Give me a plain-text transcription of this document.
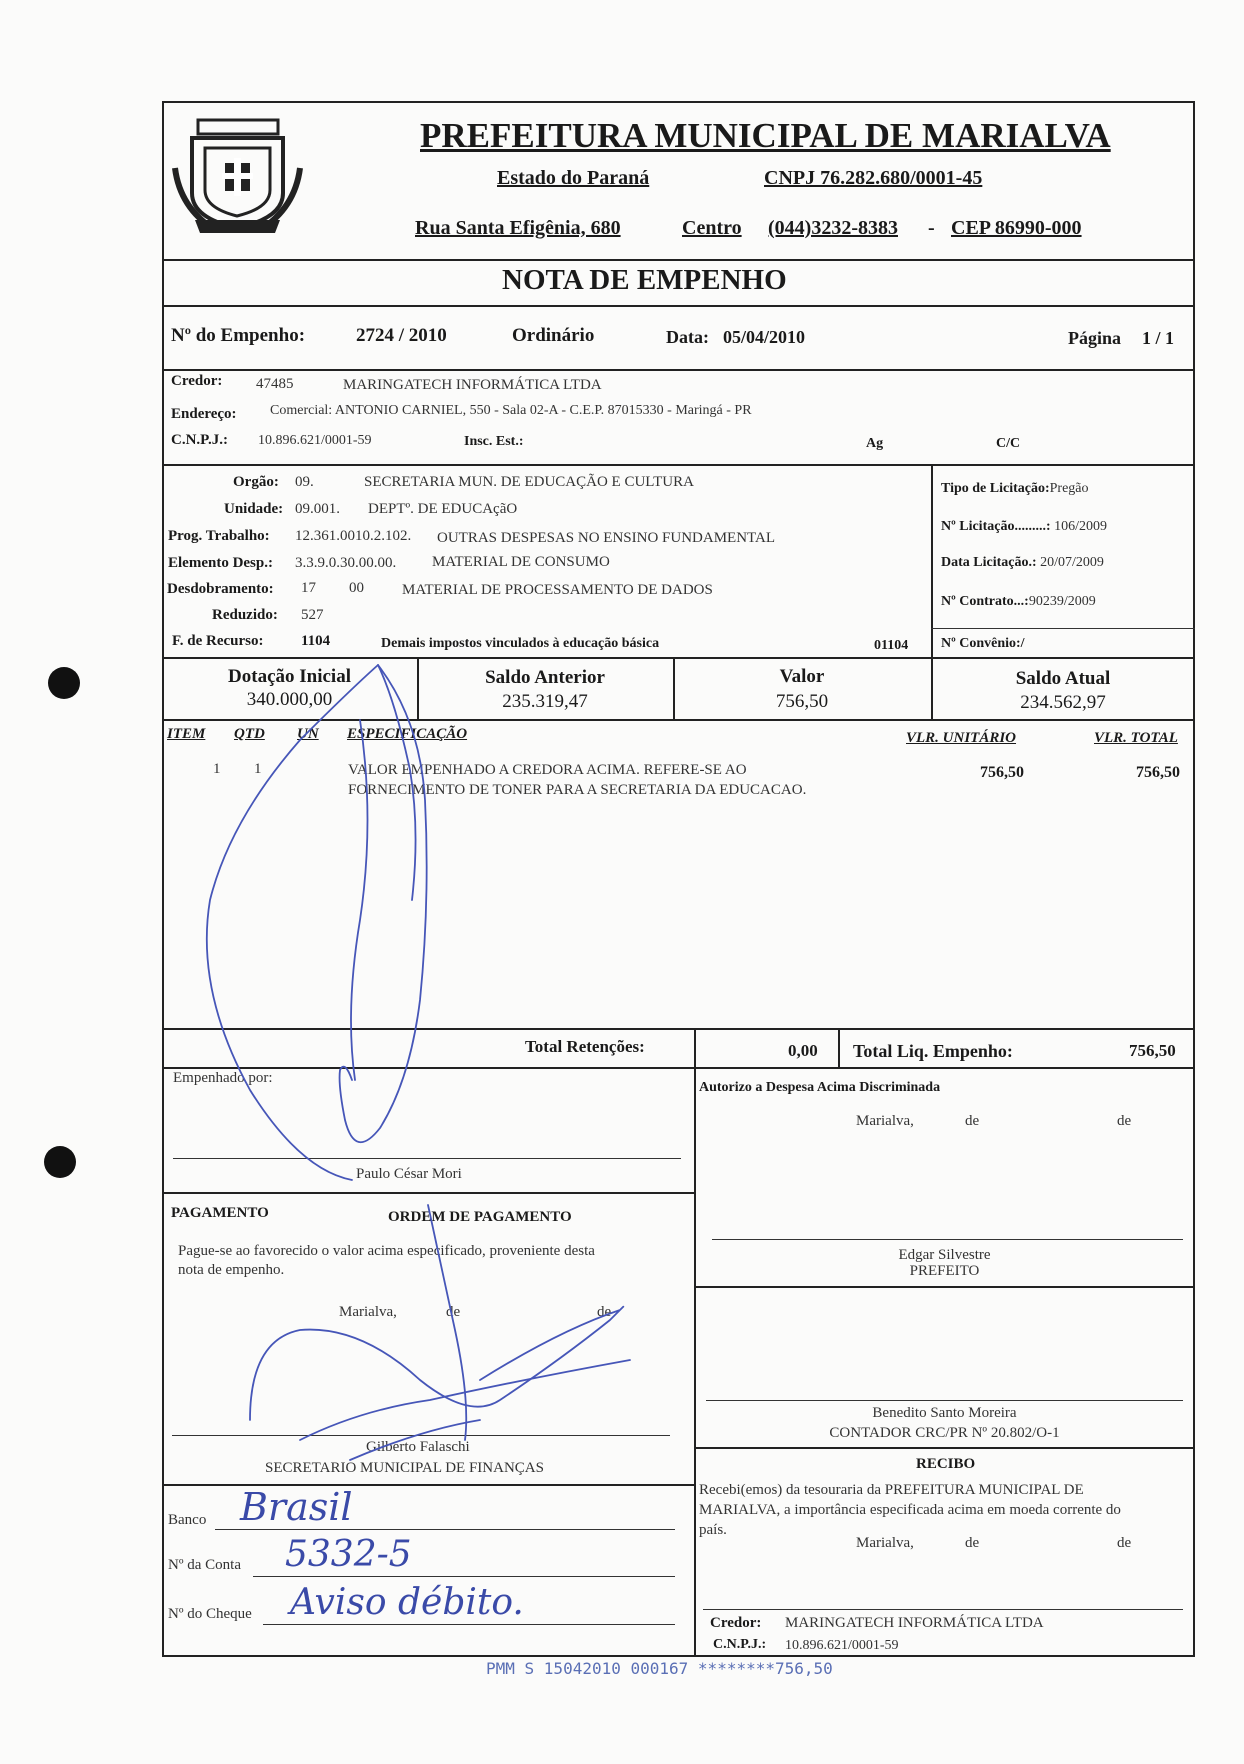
PREFEITURA MUNICIPAL DE MARIALVA
Estado do Paraná	CNPJ 76.282.680/0001-45
Rua Santa Efigênia, 680	Centro (044)3232-8383 - CEP 86990-000
NOTA DE EMPENHO
Nº do Empenho:	2724 / 2010	Ordinário	Data: 05/04/2010	Página 1 / 1
Credor: 47485	MARINGATECH INFORMÁTICA LTDA
Endereço: Comercial: ANTONIO CARNIEL, 550 - Sala 02-A - C.E.P. 87015330 - Maringá - PR
C.N.P.J.: 10.896.621/0001-59	Insc. Est.:	Ag	C/C
Orgão: 09.	SECRETARIA MUN. DE EDUCAÇÃO E CULTURA
Unidade: 09.001. DEPTº. DE EDUCAçãO
Prog. Trabalho: 12.361.0010.2.102. OUTRAS DESPESAS NO ENSINO FUNDAMENTAL
Elemento Desp.: 3.3.9.0.30.00.00. MATERIAL DE CONSUMO
Desdobramento: 17 00	MATERIAL DE PROCESSAMENTO DE DADOS
Reduzido: 527
F. de Recurso: 1104	Demais impostos vinculados à educação básica	01104
Tipo de Licitação:Pregão
Nº Licitação.........: 106/2009
Data Licitação.: 20/07/2009
Nº Contrato...:90239/2009
Nº Convênio:/
Dotação Inicial
340.000,00
Saldo Anterior
235.319,47
Valor
756,50
Saldo Atual
234.562,97
ITEM QTD UN ESPECIFICAÇÃO	VLR. UNITÁRIO	VLR. TOTAL
1 1	VALOR EMPENHADO A CREDORA ACIMA. REFERE-SE AO
FORNECIMENTO DE TONER PARA A SECRETARIA DA EDUCACAO.
756,50	756,50
Total Retenções:	0,00 Total Liq. Empenho:	756,50
Empenhado por:
Paulo César Mori
Autorizo a Despesa Acima Discriminada
Marialva,	de	de
Edgar Silvestre
PREFEITO
PAGAMENTO	ORDEM DE PAGAMENTO
Pague-se ao favorecido o valor acima especificado, proveniente desta
nota de empenho.
Marialva,	de	de
Gilberto Falaschi
SECRETARIO MUNICIPAL DE FINANÇAS
Benedito Santo Moreira
CONTADOR CRC/PR Nº 20.802/O-1
RECIBO
Recebi(emos) da tesouraria da PREFEITURA MUNICIPAL DE
MARIALVA, a importância especificada acima em moeda corrente do
país.
Marialva,	de	de
Credor: MARINGATECH INFORMÁTICA LTDA
C.N.P.J.: 10.896.621/0001-59
Banco Brasil
Nº da Conta 5332-5
Nº do Cheque Aviso débito.
PMM S 15042010 000167 ********756,50
